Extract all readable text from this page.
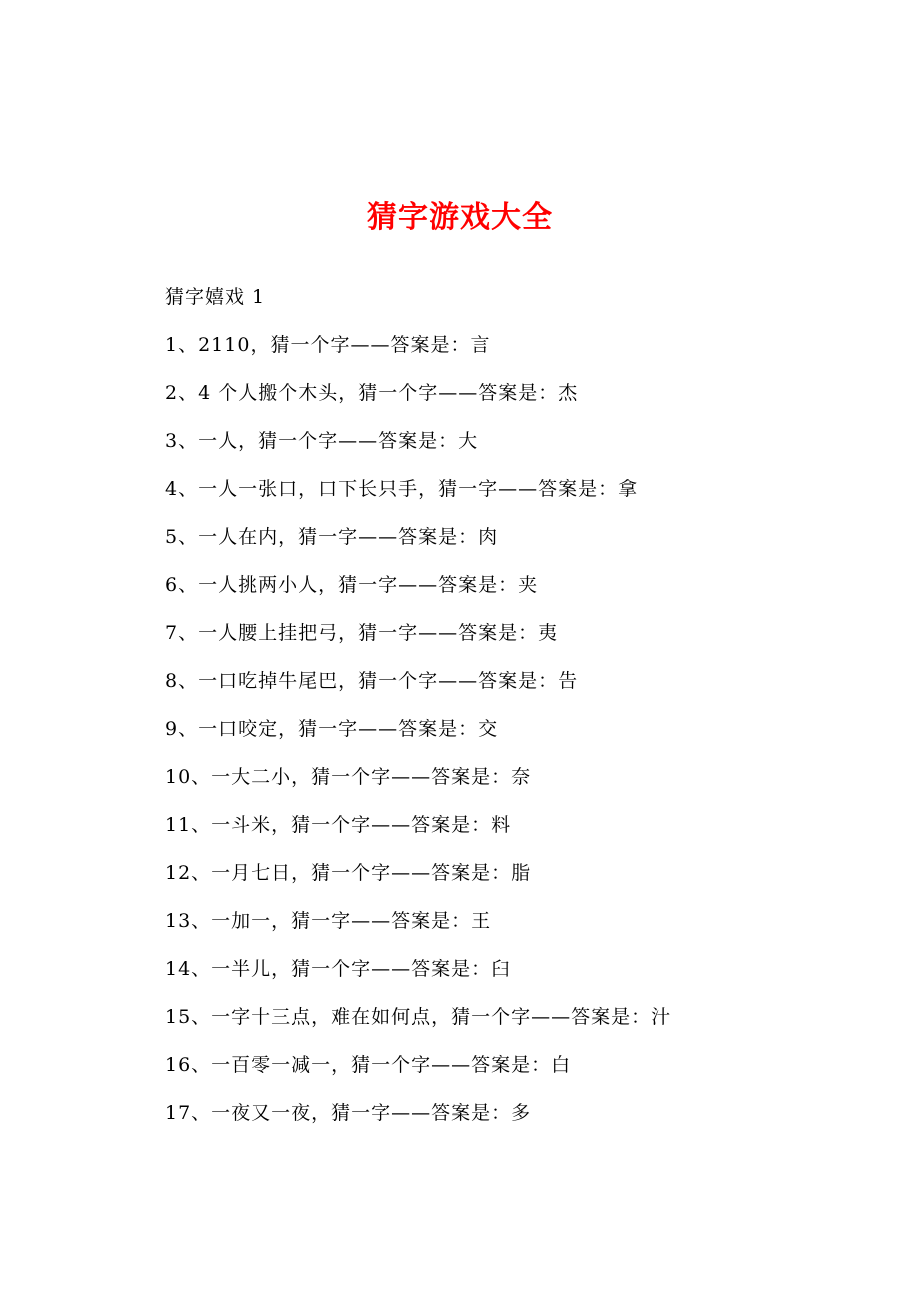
猜字游戏大全
猜字嬉戏 1
1、2110，猜一个字——答案是：言
2、4 个人搬个木头，猜一个字——答案是：杰
3、一人，猜一个字——答案是：大
4、一人一张口，口下长只手，猜一字——答案是：拿
5、一人在内，猜一字——答案是：肉
6、一人挑两小人，猜一字——答案是：夹
7、一人腰上挂把弓，猜一字——答案是：夷
8、一口吃掉牛尾巴，猜一个字——答案是：告
9、一口咬定，猜一字——答案是：交
10、一大二小，猜一个字——答案是：奈
11、一斗米，猜一个字——答案是：料
12、一月七日，猜一个字——答案是：脂
13、一加一，猜一字——答案是：王
14、一半儿，猜一个字——答案是：臼
15、一字十三点，难在如何点，猜一个字——答案是：汁
16、一百零一减一，猜一个字——答案是：白
17、一夜又一夜，猜一字——答案是：多
